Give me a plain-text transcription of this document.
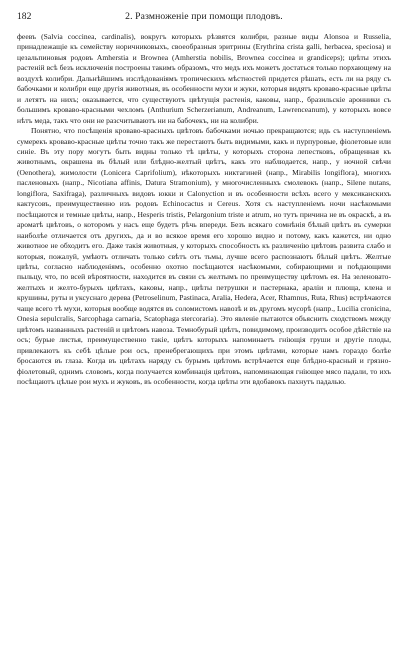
182	2. Размноженiе при помощи плодовъ.

феевъ (Salvia coccinea, cardinalis), вокругъ которыхъ рѣзвятся колибри, разные виды Alonsoa и Russelia, принадлежащiе къ семейству норичниковыхъ, своеобразныя эритрины (Erythrina crista galli, herbacea, speciosa) и цезальпиновыя родовъ Amherstia и Brownea (Amherstia nobilis, Brownea coccinea и grandiceps); цвѣты этихъ растенiй всѣ безъ исключенiя построены такимъ образомъ, что медъ ихъ можетъ достаться только порхающему на воздухѣ колибри. Дальнѣйшимъ изслѣдованiямъ тропическихъ мѣстностей придется рѣшать, есть ли на ряду съ бабочками и колибри еще другiя животныя, въ особенности мухи и жуки, которыя видятъ кроваво-красные цвѣты и летятъ на нихъ; оказывается, что существуютъ цвѣтущiя растенiя, каковы, напр., бразильскiе аронники съ большимъ кроваво-красными чехломъ (Anthurium Scherzerianum, Andreanum, Lawrenceanum), у которыхъ вовсе нѣтъ меда, такъ что они не разсчитываютъ ни на бабочекъ, ни на колибри.

Понятно, что посѣщенiя кроваво-красныхъ цвѣтовъ бабочками ночью прекращаются; идь съ наступленiемъ сумерекъ кроваво-красные цвѣты точно такъ же перестаютъ быть видимыми, какъ и пурпуровые, фiолетовые или синiе. Въ эту пору могутъ быть видны только тѣ цвѣты, у которыхъ сторона лепестковъ, обращенная къ животнымъ, окрашена въ бѣлый или блѣдно-желтый цвѣтъ, какъ это наблюдается, напр., у ночной свѣчи (Oenothera), жимолости (Lonicera Caprifolium), нѣкоторыхъ никтагиней (напр., Mirabilis longiflora), многихъ пасленовыхъ (напр., Nicotiana affinis, Datura Stramonium), у многочисленныхъ смолевокъ (напр., Silene nutans, longiflora, Saxifraga), различныхъ видовъ юкки и Calonyction и въ особенности всѣхъ всего у мексиканскихъ кактусовъ, преимущественно изъ родовъ Echinocactus и Cereus. Хотя съ наступленiемъ ночи насѣкомыми посѣщаются и темные цвѣты, напр., Hesperis tristis, Pelargonium triste и atrum, но тутъ причина не въ окраскѣ, а въ ароматѣ цвѣтовъ, о которомъ у насъ еще будетъ рѣчь впереди. Безъ всякаго сомнѣнiя бѣлый цвѣтъ въ сумерки наиболѣе отличается отъ другихъ, да и во всякое время его хорошо видно и потому, какъ кажется, ни одно животное не обходитъ его. Даже такiя животныя, у которыхъ способность къ различенiю цвѣтовъ развита слабо и которыя, пожалуй, умѣютъ отличать только свѣтъ отъ тьмы, лучше всего распознаютъ бѣлый цвѣтъ. Желтые цвѣты, согласно наблюденiямъ, особенно охотно посѣщаются насѣкомыми, собирающими и поѣдающими пыльцу, что, по всей вѣроятности, находится въ связи съ желтымъ по преимуществу цвѣтомъ ея. На зеленовато-желтыхъ и желто-бурыхъ цвѣтахъ, каковы, напр., цвѣты петрушки и пастернака, аралiи и плюща, клена и крушины, руты и уксуснаго дерева (Petroselinum, Pastinaca, Aralia, Hedera, Acer, Rhamnus, Ruta, Rhus) встрѣчаются чаще всего тѣ мухи, которыя вообще водятся въ соломистомъ навозѣ и въ другомъ мусорѣ (напр., Lucilia cronicina, Onesia sepulcralis, Sarcophaga carnaria, Scatophaga stercoraria). Это явленiе пытаются объяснить сходствомъ между цвѣтомъ названныхъ растенiй и цвѣтомъ навоза. Темнобурый цвѣтъ, повидимому, производитъ особое дѣйствiе на осъ; бурые листья, преимущественно такiе, цвѣтъ которыхъ напоминаетъ гнiющiя груши и другiе плоды, привлекаютъ къ себѣ цѣлые рои осъ, пренебрегающихъ при этомъ цвѣтами, которые намъ гораздо болѣе бросаются въ глаза. Когда въ цвѣтахъ наряду съ бурымъ цвѣтомъ встрѣчается еще блѣдно-красный и грязно-фiолетовый, однимъ словомъ, когда получается комбинацiя цвѣтовъ, напоминающая гнiющее мясо падали, то ихъ посѣщаютъ цѣлые рои мухъ и жуковъ, въ особенности, когда цвѣты эти вдобавокъ пахнутъ падалью.
